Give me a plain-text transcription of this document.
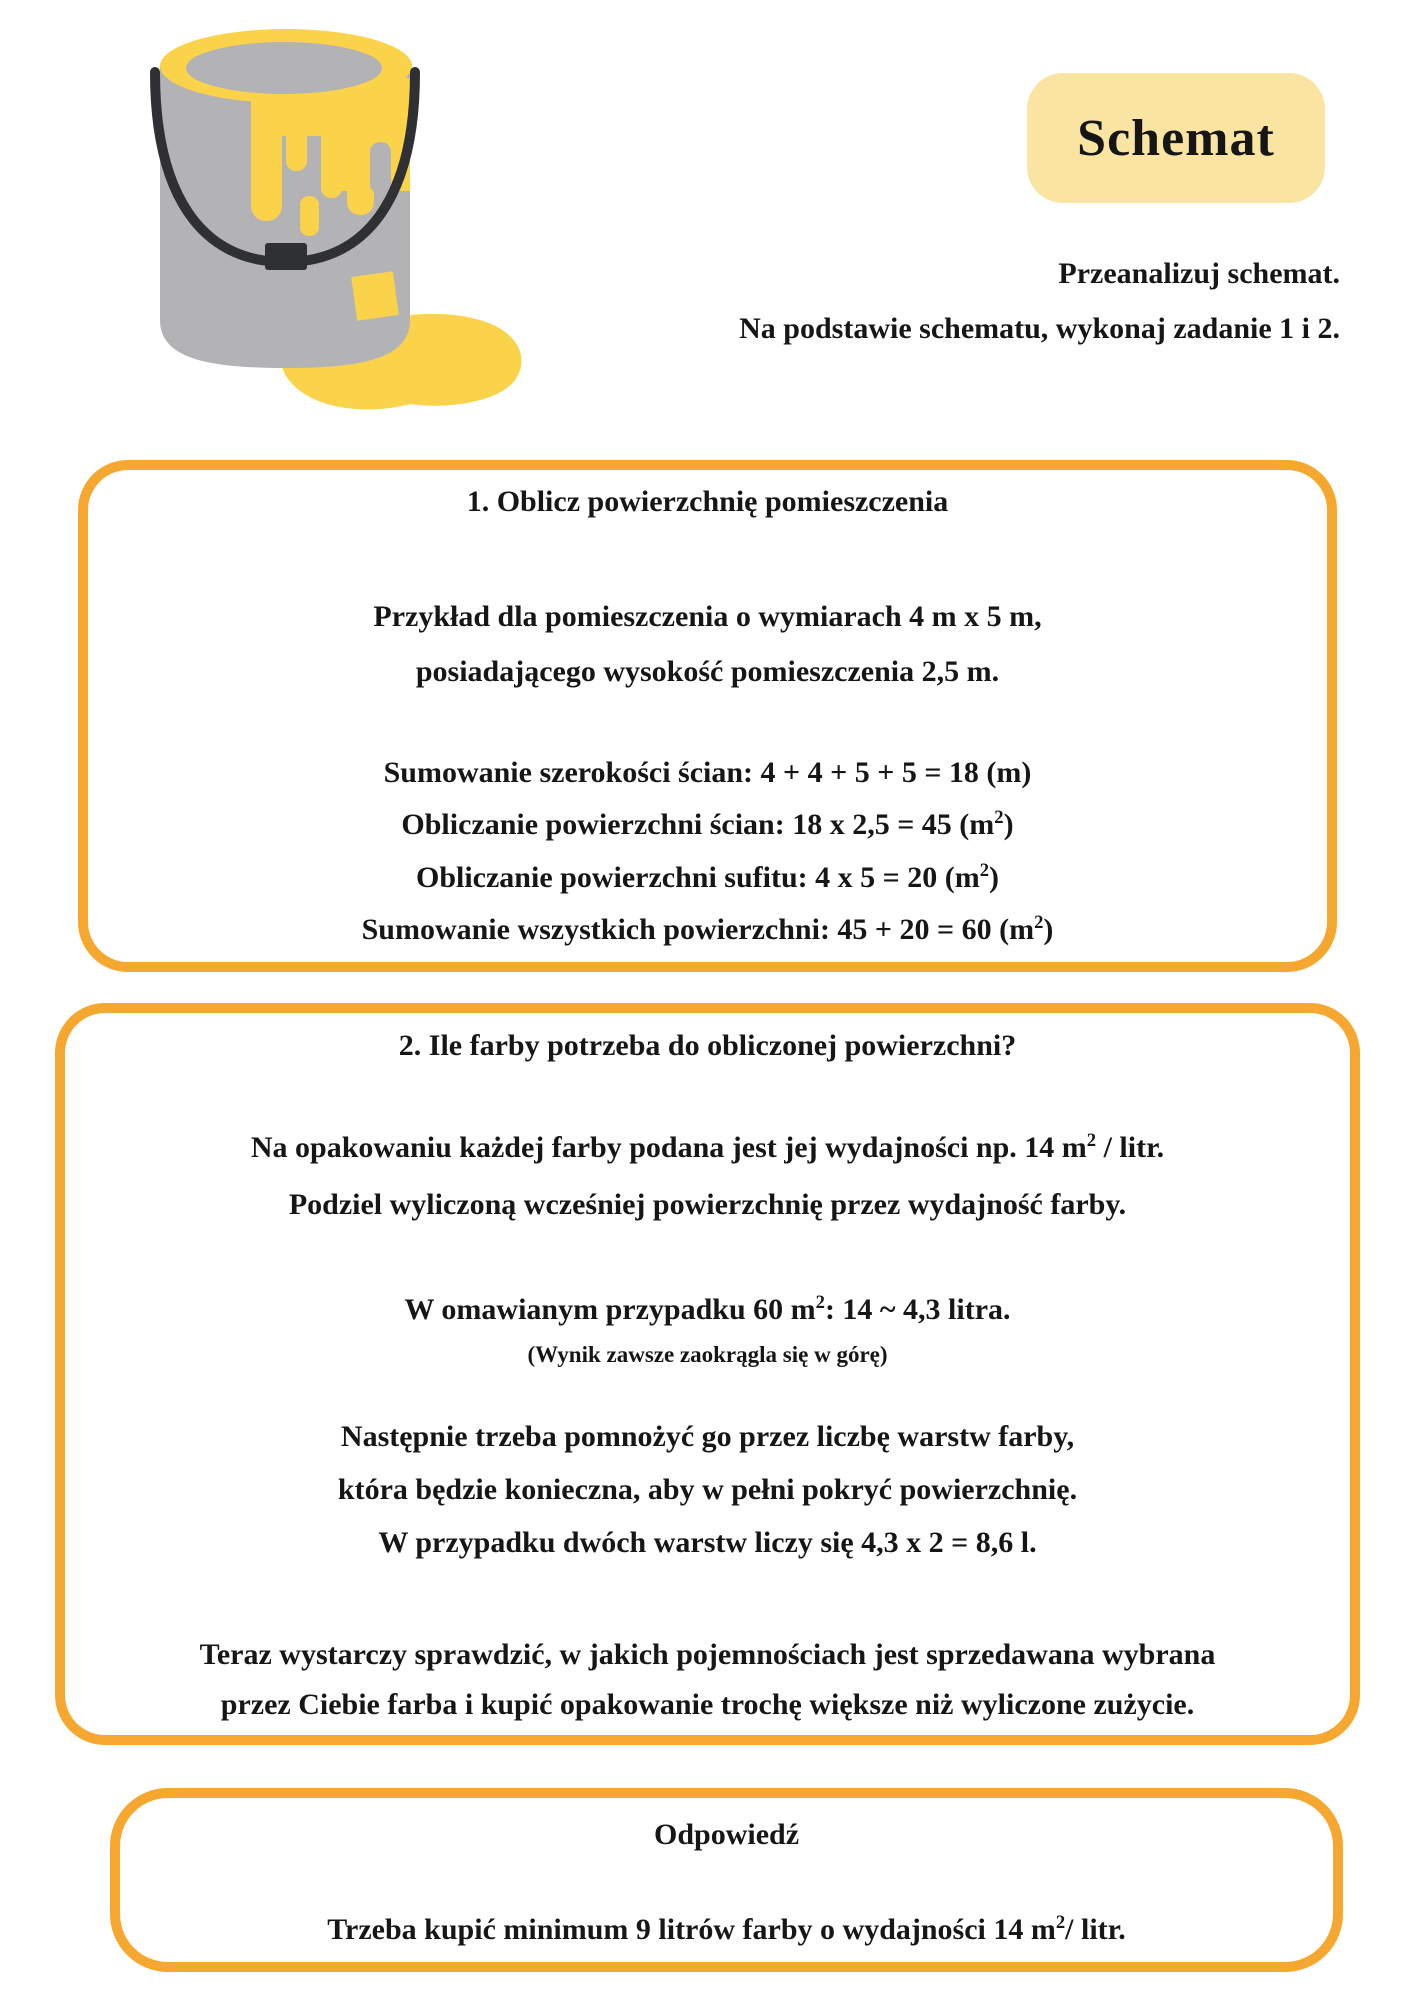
Schemat
Przeanalizuj schemat.
Na podstawie schematu, wykonaj zadanie 1 i 2.
1. Oblicz powierzchnię pomieszczenia
Przykład dla pomieszczenia o wymiarach 4 m x 5 m,
posiadającego wysokość pomieszczenia 2,5 m.
Sumowanie szerokości ścian: 4 + 4 + 5 + 5 = 18 (m)
Obliczanie powierzchni ścian: 18 x 2,5 = 45 $(m^2)$
Obliczanie powierzchni sufitu: 4 x 5 = 20 $(m^2)$
Sumowanie wszystkich powierzchni: 45 + 20 = 60 $(m^2)$
2. Ile farby potrzeba do obliczonej powierzchni?
Na opakowaniu każdej farby podana jest jej wydajności np. 14 $m^2$ / litr.
Podziel wyliczoną wcześniej powierzchnię przez wydajność farby.
W omawianym przypadku 60 $m^2$: 14 ~ 4,3 litra.
(Wynik zawsze zaokrągla się w górę)
Następnie trzeba pomnożyć go przez liczbę warstw farby,
która będzie konieczna, aby w pełni pokryć powierzchnię.
W przypadku dwóch warstw liczy się 4,3 x 2 = 8,6 l.
Teraz wystarczy sprawdzić, w jakich pojemnościach jest sprzedawana wybrana
przez Ciebie farba i kupić opakowanie trochę większe niż wyliczone zużycie.
Odpowiedź
Trzeba kupić minimum 9 litrów farby o wydajności 14 $m^2/$ litr.
